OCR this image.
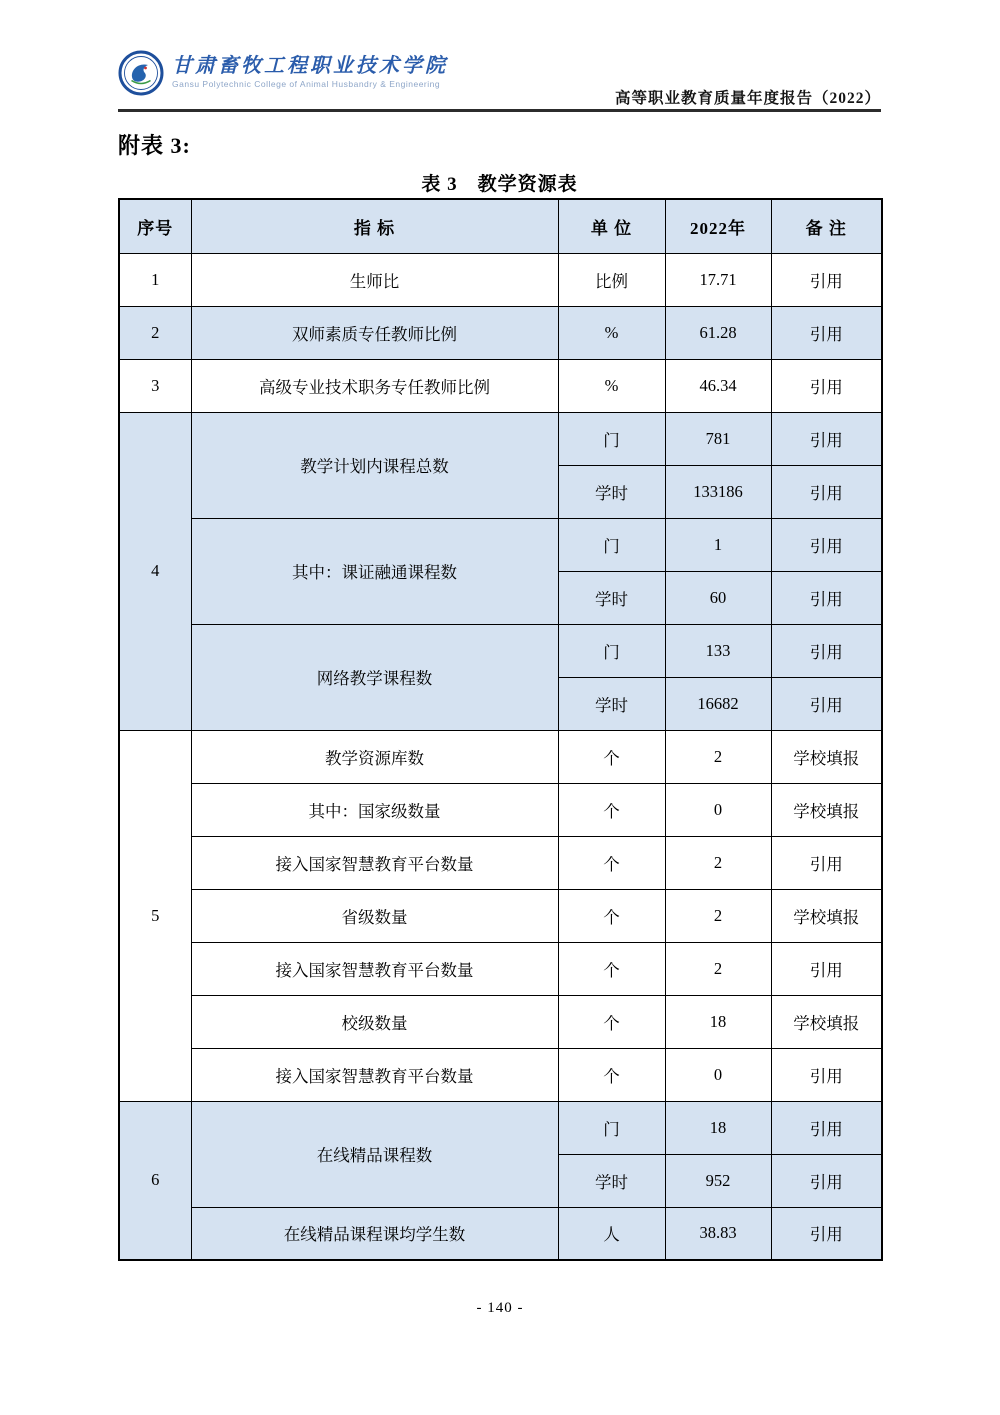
甘肃畜牧工程职业技术学院
Gansu Polytechnic College of Animal Husbandry & Engineering
高等职业教育质量年度报告（2022）
附表 3:
表 3　教学资源表
序号	指 标	单 位	2022年	备 注
1	生师比	比例	17.71	引用
2	双师素质专任教师比例	%	61.28	引用
3	高级专业技术职务专任教师比例	%	46.34	引用
4	教学计划内课程总数	门	781	引用
		学时	133186	引用
	其中：课证融通课程数	门	1	引用
		学时	60	引用
	网络教学课程数	门	133	引用
		学时	16682	引用
5	教学资源库数	个	2	学校填报
	其中：国家级数量	个	0	学校填报
	接入国家智慧教育平台数量	个	2	引用
	省级数量	个	2	学校填报
	接入国家智慧教育平台数量	个	2	引用
	校级数量	个	18	学校填报
	接入国家智慧教育平台数量	个	0	引用
6	在线精品课程数	门	18	引用
		学时	952	引用
	在线精品课程课均学生数	人	38.83	引用
- 140 -
